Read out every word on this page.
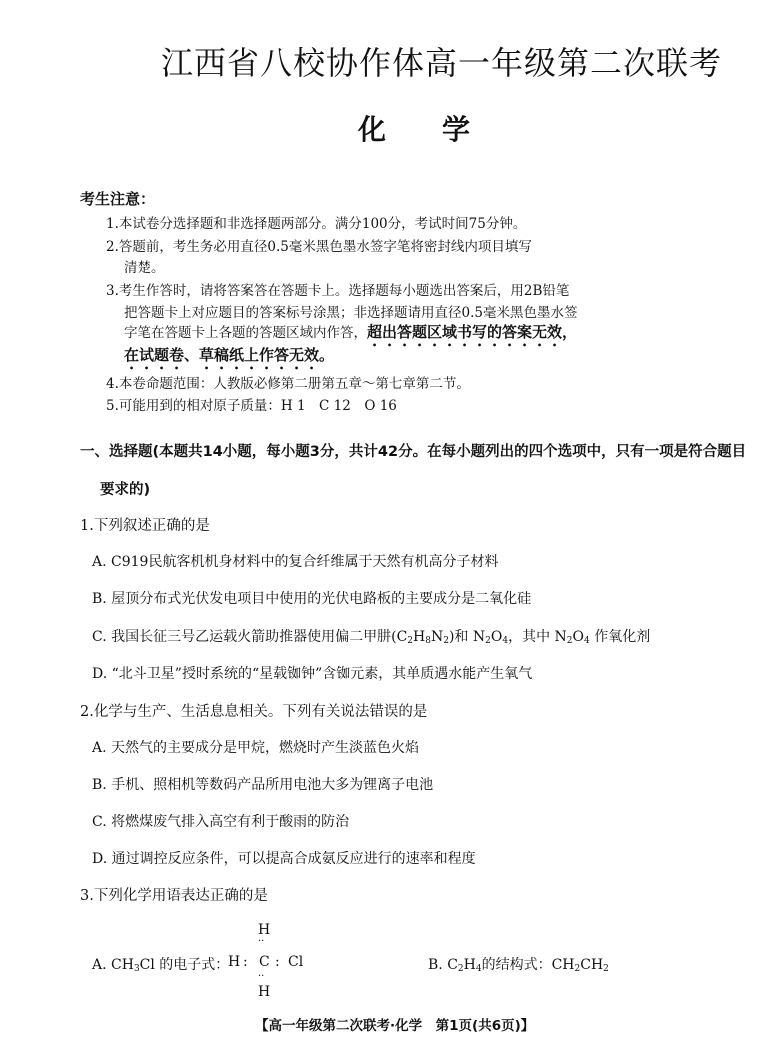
江西省八校协作体高一年级第二次联考
化学
考生注意：
1.本试卷分选择题和非选择题两部分。满分100分，考试时间75分钟。
2.答题前，考生务必用直径0.5毫米黑色墨水签字笔将密封线内项目填写
清楚。
3.考生作答时，请将答案答在答题卡上。选择题每小题选出答案后，用2B铅笔
把答题卡上对应题目的答案标号涂黑；非选择题请用直径0.5毫米黑色墨水签
字笔在答题卡上各题的答题区域内作答，超出答题区域书写的答案无效，
在试题卷、草稿纸上作答无效。
4.本卷命题范围：人教版必修第二册第五章～第七章第二节。
5.可能用到的相对原子质量：H 1　C 12　O 16
一、选择题(本题共14小题，每小题3分，共计42分。在每小题列出的四个选项中，只有一项是符合题目
要求的)
1.下列叙述正确的是
A. C919民航客机机身材料中的复合纤维属于天然有机高分子材料
B. 屋顶分布式光伏发电项目中使用的光伏电路板的主要成分是二氧化硅
C. 我国长征三号乙运载火箭助推器使用偏二甲肼$(C_2H_8N_2)$和 $N_2O_4$，其中 $N_2O_4$ 作氧化剂
D. “北斗卫星”授时系统的“星载铷钟”含铷元素，其单质遇水能产生氧气
2.化学与生产、生活息息相关。下列有关说法错误的是
A. 天然气的主要成分是甲烷，燃烧时产生淡蓝色火焰
B. 手机、照相机等数码产品所用电池大多为锂离子电池
C. 将燃煤废气排入高空有利于酸雨的防治
D. 通过调控反应条件，可以提高合成氨反应进行的速率和程度
3.下列化学用语表达正确的是
A. $CH_3Cl$ 的电子式：
H
··
H : C : Cl
··
H
B. $C_2H_4$的结构式：$CH_2CH_2$
【高一年级第二次联考·化学　第1页(共6页)】
